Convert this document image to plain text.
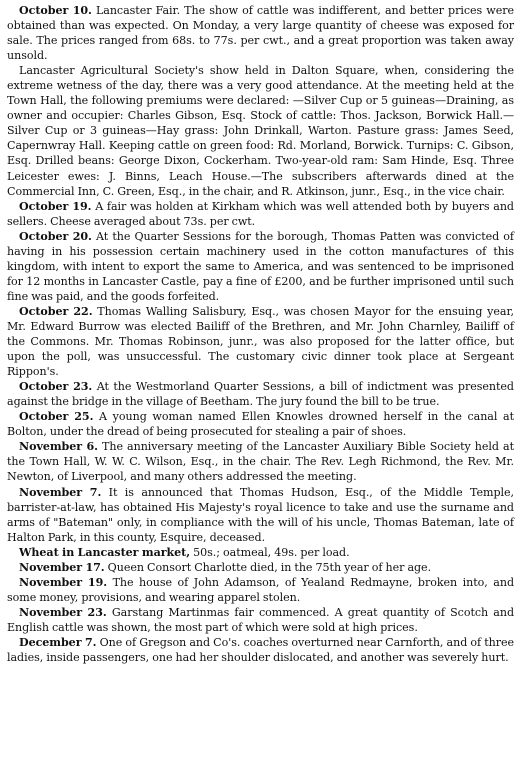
October 10. Lancaster Fair. The show of cattle was indifferent, and better prices were obtained than was expected. On Monday, a very large quantity of cheese was exposed for sale. The prices ranged from 68s. to 77s. per cwt., and a great proportion was taken away unsold.

Lancaster Agricultural Society's show held in Dalton Square, when, considering the extreme wetness of the day, there was a very good attendance. At the meeting held at the Town Hall, the following premiums were declared: —Silver Cup or 5 guineas—Draining, as owner and occupier: Charles Gibson, Esq. Stock of cattle: Thos. Jackson, Borwick Hall.—Silver Cup or 3 guineas—Hay grass: John Drinkall, Warton. Pasture grass: James Seed, Capernwray Hall. Keeping cattle on green food: Rd. Morland, Borwick. Turnips: C. Gibson, Esq. Drilled beans: George Dixon, Cockerham. Two-year-old ram: Sam Hinde, Esq. Three Leicester ewes: J. Binns, Leach House.—The subscribers afterwards dined at the Commercial Inn, C. Green, Esq., in the chair, and R. Atkinson, junr., Esq., in the vice chair.

October 19. A fair was holden at Kirkham which was well attended both by buyers and sellers. Cheese averaged about 73s. per cwt.

October 20. At the Quarter Sessions for the borough, Thomas Patten was convicted of having in his possession certain machinery used in the cotton manufactures of this kingdom, with intent to export the same to America, and was sentenced to be imprisoned for 12 months in Lancaster Castle, pay a fine of £200, and be further imprisoned until such fine was paid, and the goods forfeited.

October 22. Thomas Walling Salisbury, Esq., was chosen Mayor for the ensuing year, Mr. Edward Burrow was elected Bailiff of the Brethren, and Mr. John Charnley, Bailiff of the Commons. Mr. Thomas Robinson, junr., was also proposed for the latter office, but upon the poll, was unsuccessful. The customary civic dinner took place at Sergeant Rippon's.

October 23. At the Westmorland Quarter Sessions, a bill of indictment was presented against the bridge in the village of Beetham. The jury found the bill to be true.

October 25. A young woman named Ellen Knowles drowned herself in the canal at Bolton, under the dread of being prosecuted for stealing a pair of shoes.

November 6. The anniversary meeting of the Lancaster Auxiliary Bible Society held at the Town Hall, W. W. C. Wilson, Esq., in the chair. The Rev. Legh Richmond, the Rev. Mr. Newton, of Liverpool, and many others addressed the meeting.

November 7. It is announced that Thomas Hudson, Esq., of the Middle Temple, barrister-at-law, has obtained His Majesty's royal licence to take and use the surname and arms of "Bateman" only, in compliance with the will of his uncle, Thomas Bateman, late of Halton Park, in this county, Esquire, deceased.

Wheat in Lancaster market, 50s.; oatmeal, 49s. per load.

November 17. Queen Consort Charlotte died, in the 75th year of her age.

November 19. The house of John Adamson, of Yealand Redmayne, broken into, and some money, provisions, and wearing apparel stolen.

November 23. Garstang Martinmas fair commenced. A great quantity of Scotch and English cattle was shown, the most part of which were sold at high prices.

December 7. One of Gregson and Co's. coaches overturned near Carnforth, and of three ladies, inside passengers, one had her shoulder dislocated, and another was severely hurt.
